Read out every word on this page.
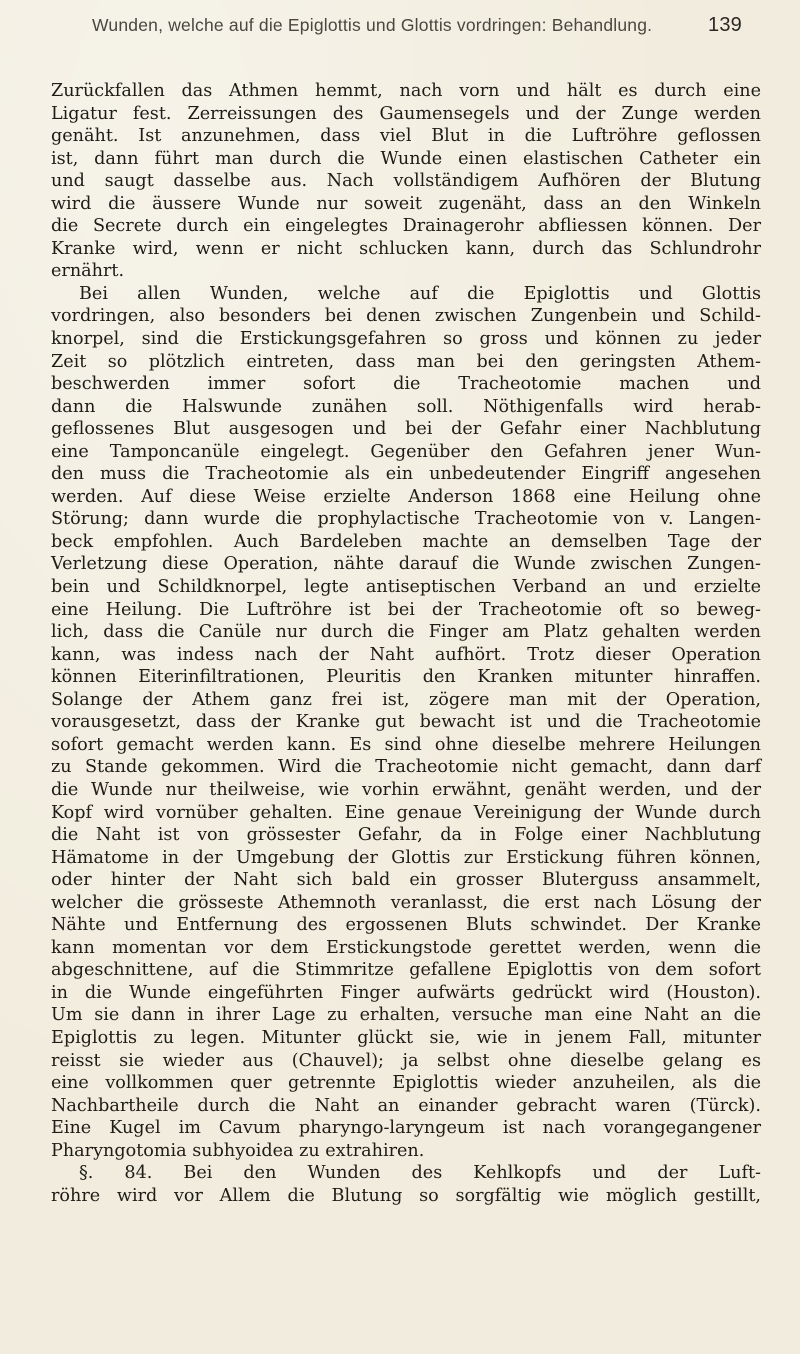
Wunden, welche auf die Epiglottis und Glottis vordringen: Behandlung.	139
Zurückfallen das Athmen hemmt, nach vorn und hält es durch eine
Ligatur fest. Zerreissungen des Gaumensegels und der Zunge werden
genäht. Ist anzunehmen, dass viel Blut in die Luftröhre geflossen
ist, dann führt man durch die Wunde einen elastischen Catheter ein
und saugt dasselbe aus. Nach vollständigem Aufhören der Blutung
wird die äussere Wunde nur soweit zugenäht, dass an den Winkeln
die Secrete durch ein eingelegtes Drainagerohr abfliessen können. Der
Kranke wird, wenn er nicht schlucken kann, durch das Schlundrohr
ernährt.
Bei allen Wunden, welche auf die Epiglottis und Glottis
vordringen, also besonders bei denen zwischen Zungenbein und Schild-
knorpel, sind die Erstickungsgefahren so gross und können zu jeder
Zeit so plötzlich eintreten, dass man bei den geringsten Athem-
beschwerden immer sofort die Tracheotomie machen und
dann die Halswunde zunähen soll. Nöthigenfalls wird herab-
geflossenes Blut ausgesogen und bei der Gefahr einer Nachblutung
eine Tamponcanüle eingelegt. Gegenüber den Gefahren jener Wun-
den muss die Tracheotomie als ein unbedeutender Eingriff angesehen
werden. Auf diese Weise erzielte Anderson 1868 eine Heilung ohne
Störung; dann wurde die prophylactische Tracheotomie von v. Langen-
beck empfohlen. Auch Bardeleben machte an demselben Tage der
Verletzung diese Operation, nähte darauf die Wunde zwischen Zungen-
bein und Schildknorpel, legte antiseptischen Verband an und erzielte
eine Heilung. Die Luftröhre ist bei der Tracheotomie oft so beweg-
lich, dass die Canüle nur durch die Finger am Platz gehalten werden
kann, was indess nach der Naht aufhört. Trotz dieser Operation
können Eiterinfiltrationen, Pleuritis den Kranken mitunter hinraffen.
Solange der Athem ganz frei ist, zögere man mit der Operation,
vorausgesetzt, dass der Kranke gut bewacht ist und die Tracheotomie
sofort gemacht werden kann. Es sind ohne dieselbe mehrere Heilungen
zu Stande gekommen. Wird die Tracheotomie nicht gemacht, dann darf
die Wunde nur theilweise, wie vorhin erwähnt, genäht werden, und der
Kopf wird vornüber gehalten. Eine genaue Vereinigung der Wunde durch
die Naht ist von grössester Gefahr, da in Folge einer Nachblutung
Hämatome in der Umgebung der Glottis zur Erstickung führen können,
oder hinter der Naht sich bald ein grosser Bluterguss ansammelt,
welcher die grösseste Athemnoth veranlasst, die erst nach Lösung der
Nähte und Entfernung des ergossenen Bluts schwindet. Der Kranke
kann momentan vor dem Erstickungstode gerettet werden, wenn die
abgeschnittene, auf die Stimmritze gefallene Epiglottis von dem sofort
in die Wunde eingeführten Finger aufwärts gedrückt wird (Houston).
Um sie dann in ihrer Lage zu erhalten, versuche man eine Naht an die
Epiglottis zu legen. Mitunter glückt sie, wie in jenem Fall, mitunter
reisst sie wieder aus (Chauvel); ja selbst ohne dieselbe gelang es
eine vollkommen quer getrennte Epiglottis wieder anzuheilen, als die
Nachbartheile durch die Naht an einander gebracht waren (Türck).
Eine Kugel im Cavum pharyngo-laryngeum ist nach vorangegangener
Pharyngotomia subhyoidea zu extrahiren.
§. 84. Bei den Wunden des Kehlkopfs und der Luft-
röhre wird vor Allem die Blutung so sorgfältig wie möglich gestillt,
